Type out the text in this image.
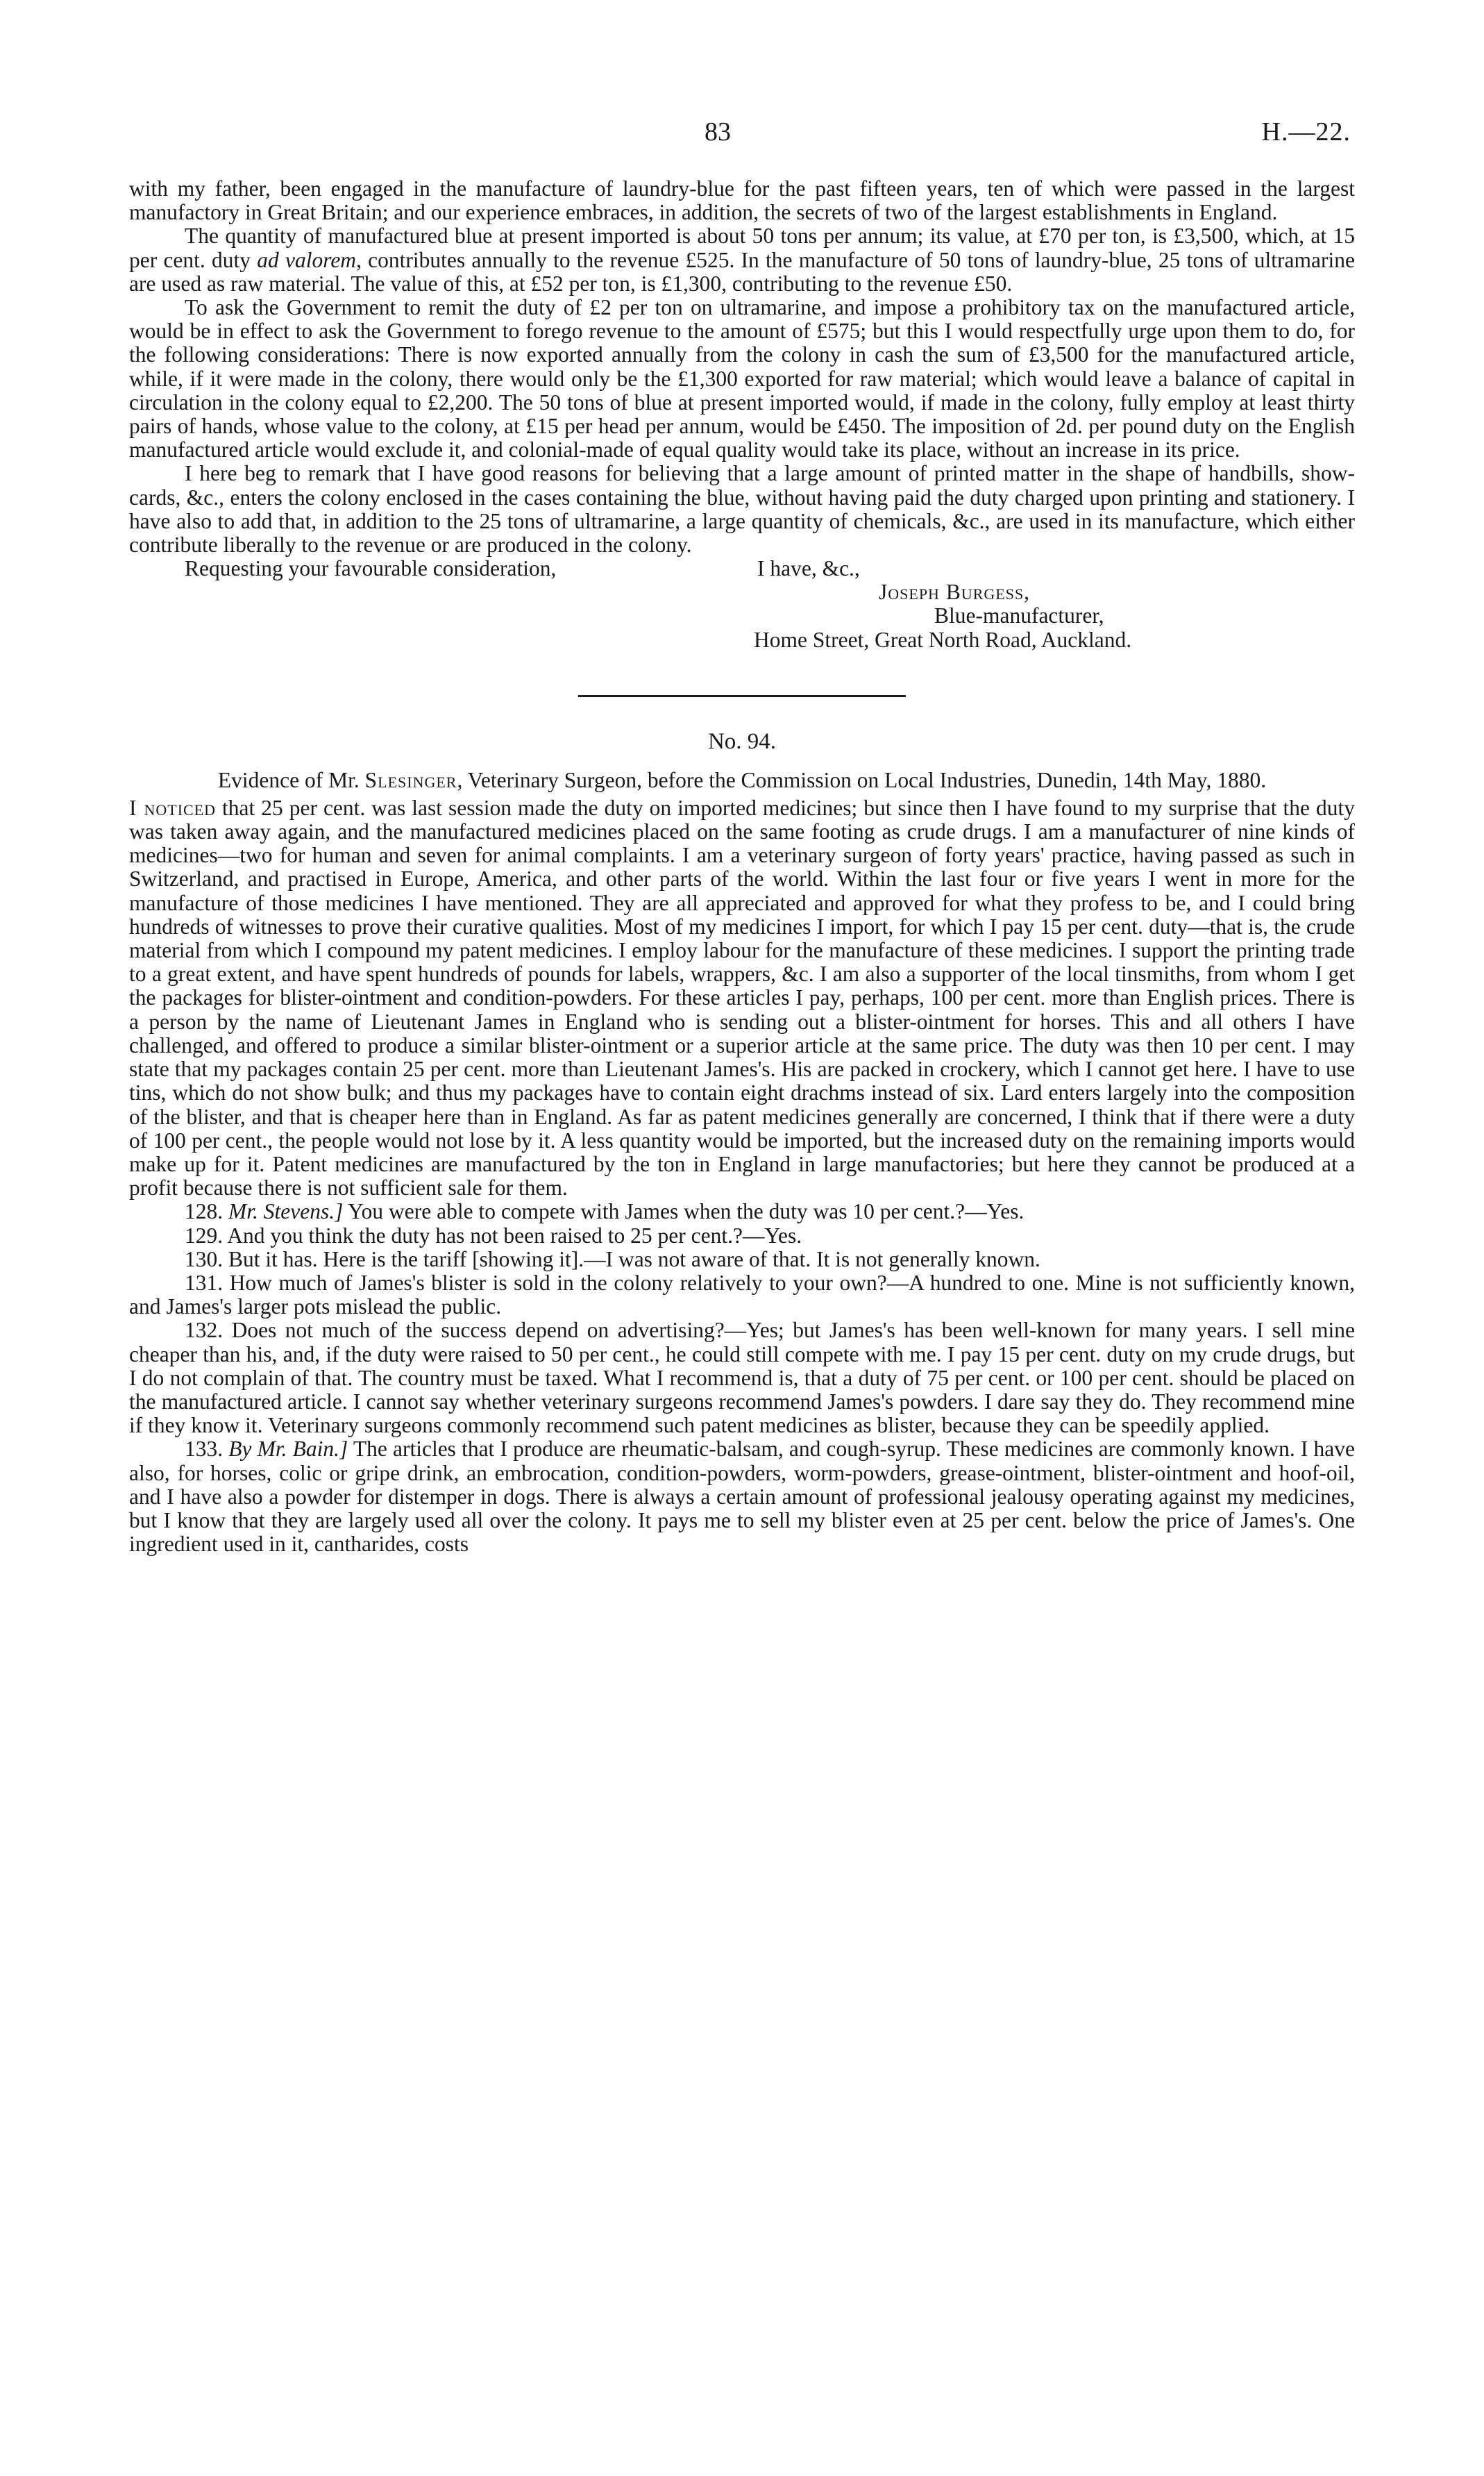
83	H.—22.

with my father, been engaged in the manufacture of laundry-blue for the past fifteen years, ten of which were passed in the largest manufactory in Great Britain; and our experience embraces, in addition, the secrets of two of the largest establishments in England.

The quantity of manufactured blue at present imported is about 50 tons per annum; its value, at £70 per ton, is £3,500, which, at 15 per cent. duty ad valorem, contributes annually to the revenue £525. In the manufacture of 50 tons of laundry-blue, 25 tons of ultramarine are used as raw material. The value of this, at £52 per ton, is £1,300, contributing to the revenue £50.

To ask the Government to remit the duty of £2 per ton on ultramarine, and impose a prohibitory tax on the manufactured article, would be in effect to ask the Government to forego revenue to the amount of £575; but this I would respectfully urge upon them to do, for the following considerations: There is now exported annually from the colony in cash the sum of £3,500 for the manufactured article, while, if it were made in the colony, there would only be the £1,300 exported for raw material; which would leave a balance of capital in circulation in the colony equal to £2,200. The 50 tons of blue at present imported would, if made in the colony, fully employ at least thirty pairs of hands, whose value to the colony, at £15 per head per annum, would be £450. The imposition of 2d. per pound duty on the English manufactured article would exclude it, and colonial-made of equal quality would take its place, without an increase in its price.

I here beg to remark that I have good reasons for believing that a large amount of printed matter in the shape of handbills, show-cards, &c., enters the colony enclosed in the cases containing the blue, without having paid the duty charged upon printing and stationery. I have also to add that, in addition to the 25 tons of ultramarine, a large quantity of chemicals, &c., are used in its manufacture, which either contribute liberally to the revenue or are produced in the colony.

Requesting your favourable consideration,	I have, &c.,
Joseph Burgess,
Blue-manufacturer,
Home Street, Great North Road, Auckland.
No. 94.
Evidence of Mr. Slesinger, Veterinary Surgeon, before the Commission on Local Industries, Dunedin, 14th May, 1880.

I noticed that 25 per cent. was last session made the duty on imported medicines; but since then I have found to my surprise that the duty was taken away again, and the manufactured medicines placed on the same footing as crude drugs. I am a manufacturer of nine kinds of medicines—two for human and seven for animal complaints. I am a veterinary surgeon of forty years' practice, having passed as such in Switzerland, and practised in Europe, America, and other parts of the world. Within the last four or five years I went in more for the manufacture of those medicines I have mentioned. They are all appreciated and approved for what they profess to be, and I could bring hundreds of witnesses to prove their curative qualities. Most of my medicines I import, for which I pay 15 per cent. duty—that is, the crude material from which I compound my patent medicines. I employ labour for the manufacture of these medicines. I support the printing trade to a great extent, and have spent hundreds of pounds for labels, wrappers, &c. I am also a supporter of the local tinsmiths, from whom I get the packages for blister-ointment and condition-powders. For these articles I pay, perhaps, 100 per cent. more than English prices. There is a person by the name of Lieutenant James in England who is sending out a blister-ointment for horses. This and all others I have challenged, and offered to produce a similar blister-ointment or a superior article at the same price. The duty was then 10 per cent. I may state that my packages contain 25 per cent. more than Lieutenant James's. His are packed in crockery, which I cannot get here. I have to use tins, which do not show bulk; and thus my packages have to contain eight drachms instead of six. Lard enters largely into the composition of the blister, and that is cheaper here than in England. As far as patent medicines generally are concerned, I think that if there were a duty of 100 per cent., the people would not lose by it. A less quantity would be imported, but the increased duty on the remaining imports would make up for it. Patent medicines are manufactured by the ton in England in large manufactories; but here they cannot be produced at a profit because there is not sufficient sale for them.

128. Mr. Stevens.] You were able to compete with James when the duty was 10 per cent.?—Yes.

129. And you think the duty has not been raised to 25 per cent.?—Yes.

130. But it has. Here is the tariff [showing it].—I was not aware of that. It is not generally known.

131. How much of James's blister is sold in the colony relatively to your own?—A hundred to one. Mine is not sufficiently known, and James's larger pots mislead the public.

132. Does not much of the success depend on advertising?—Yes; but James's has been well-known for many years. I sell mine cheaper than his, and, if the duty were raised to 50 per cent., he could still compete with me. I pay 15 per cent. duty on my crude drugs, but I do not complain of that. The country must be taxed. What I recommend is, that a duty of 75 per cent. or 100 per cent. should be placed on the manufactured article. I cannot say whether veterinary surgeons recommend James's powders. I dare say they do. They recommend mine if they know it. Veterinary surgeons commonly recommend such patent medicines as blister, because they can be speedily applied.

133. By Mr. Bain.] The articles that I produce are rheumatic-balsam, and cough-syrup. These medicines are commonly known. I have also, for horses, colic or gripe drink, an embrocation, condition-powders, worm-powders, grease-ointment, blister-ointment and hoof-oil, and I have also a powder for distemper in dogs. There is always a certain amount of professional jealousy operating against my medicines, but I know that they are largely used all over the colony. It pays me to sell my blister even at 25 per cent. below the price of James's. One ingredient used in it, cantharides, costs
